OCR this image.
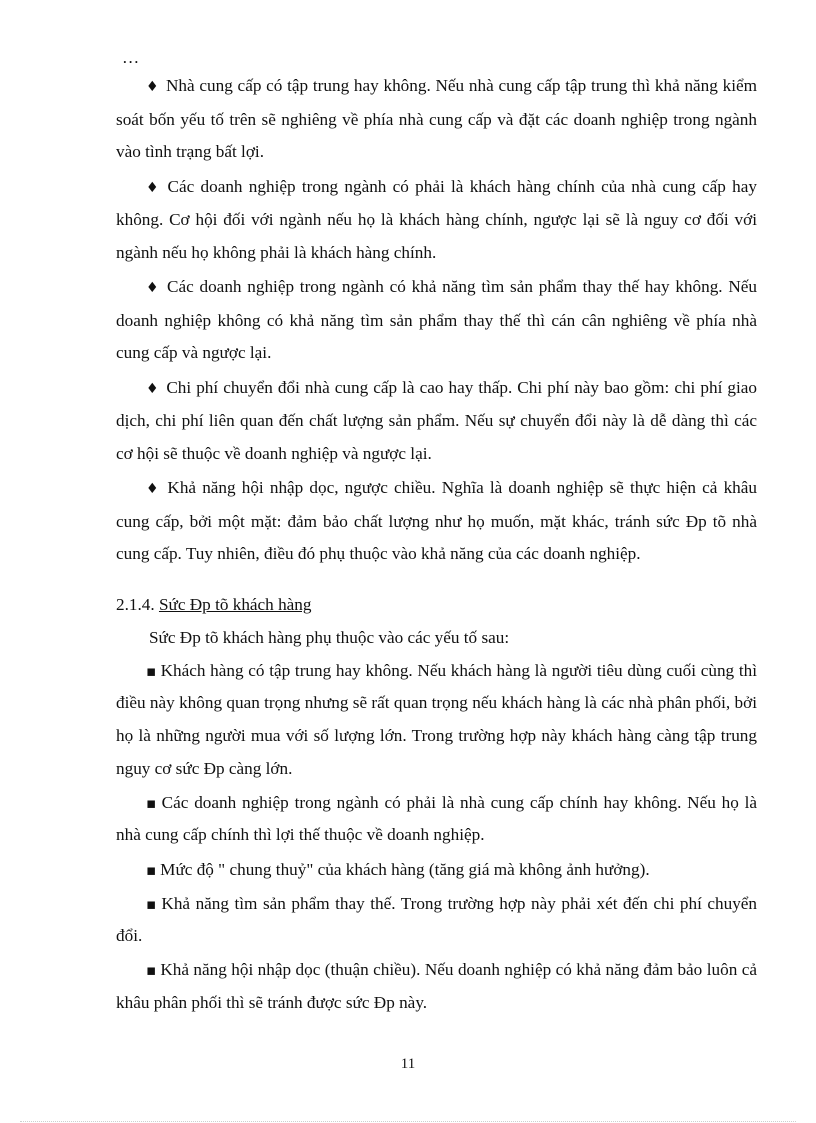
…

♦ Nhà cung cấp có tập trung hay không. Nếu nhà cung cấp tập trung thì khả năng kiểm soát bốn yếu tố trên sẽ nghiêng về phía nhà cung cấp và đặt các doanh nghiệp trong ngành vào tình trạng bất lợi.

♦ Các doanh nghiệp trong ngành có phải là khách hàng chính của nhà cung cấp hay không. Cơ hội đối với ngành nếu họ là khách hàng chính, ngược lại sẽ là nguy cơ đối với ngành nếu họ không phải là khách hàng chính.

♦ Các doanh nghiệp trong ngành có khả năng tìm sản phẩm thay thế hay không. Nếu doanh nghiệp không có khả năng tìm sản phẩm thay thế thì cán cân nghiêng về phía nhà cung cấp và ngược lại.

♦ Chi phí chuyển đổi nhà cung cấp là cao hay thấp. Chi phí này bao gồm: chi phí giao dịch, chi phí liên quan đến chất lượng sản phẩm. Nếu sự chuyển đổi này là dễ dàng thì các cơ hội sẽ thuộc về doanh nghiệp và ngược lại.

♦ Khả năng hội nhập dọc, ngược chiều. Nghĩa là doanh nghiệp sẽ thực hiện cả khâu cung cấp, bởi một mặt: đảm bảo chất lượng như họ muốn, mặt khác, tránh sức Ðp tõ nhà cung cấp. Tuy nhiên, điều đó phụ thuộc vào khả năng của các doanh nghiệp.

2.1.4. Sức Ðp tõ khách hàng

Sức Ðp tõ khách hàng phụ thuộc vào các yếu tố sau:

▪ Khách hàng có tập trung hay không. Nếu khách hàng là người tiêu dùng cuối cùng thì điều này không quan trọng nhưng sẽ rất quan trọng nếu khách hàng là các nhà phân phối, bởi họ là những người mua với số lượng lớn. Trong trường hợp này khách hàng càng tập trung nguy cơ sức Ðp càng lớn.

▪ Các doanh nghiệp trong ngành có phải là nhà cung cấp chính hay không. Nếu họ là nhà cung cấp chính thì lợi thế thuộc về doanh nghiệp.

▪ Mức độ " chung thuỷ" của khách hàng (tăng giá mà không ảnh hưởng).

▪ Khả năng tìm sản phẩm thay thế. Trong trường hợp này phải xét đến chi phí chuyển đổi.

▪ Khả năng hội nhập dọc (thuận chiều). Nếu doanh nghiệp có khả năng đảm bảo luôn cả khâu phân phối thì sẽ tránh được sức Ðp này.

11
